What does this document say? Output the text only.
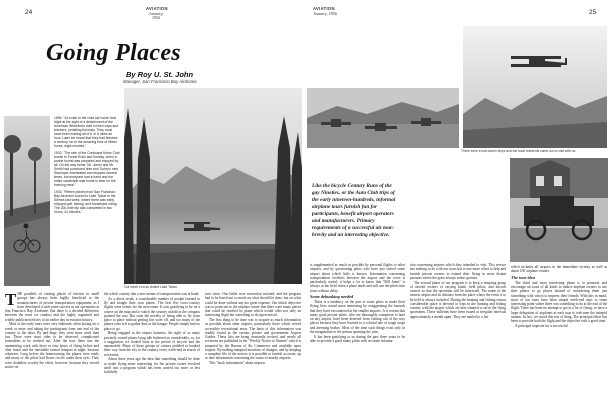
AVIATION
January, 1956
24
Going Places
By Roy U. St. John
Manager, San Francisco Bay Airdrome
1896. "At a rate to the road car horse took fright at the sight of a detachment of the American Wheelmen clad in linen caps and knickers, pedalling furiously. They must have been making all of 6 or 8 miles an hour. Later we heard that they had finished a century run in the amazing time of fifteen hours, eight minutes."
1903. "The rate of the Corsicana Motor Club tourist to Forest Rock last Sunday, when a prairie tourist was prepared and enjoyed by all. On the way home, Mr. Jones and Mr. Smith had punctured tires and Turley's new Stanhope overheated and stopped several times, but everyone had a hand and the entire cavalcade was home in time for the evening meal."
1933. "Fifteen planes from San Francisco Bay Airdrome toured to Lake Tahoe in the Sierras last week, where there was early enjoyed golf, fishing, and horseback riding. The 200-mile trip was completed in two hours, 24 minutes."
Our week end as visited Lake Tahoe.

THE parallels of visiting places of interest in small groups has always been highly beneficial to the manufacturers of private transportation equipment, as I have developed it with some success in our operations at San Francisco Bay Airdrome. But there is a decided difference between the tours we conduct and the highly organized and widely publicized efforts of an earlier day in aviation history.

Most of the early tours were very elaborate, often lasting for a week or more and taking the participants from one end of the country to the other. By and large, they were more work than fun. There were stunt rides to be observed, complicated formalities to be worked out. After the tour, there was the unremitting work with three or four hours of flying before and after lunch and the inevitable formal banquet at night, because whatever. Long before the homecoming the planes were ready and many of the pilots had flown circles under their eyes. They were doubtless worthy the effort, however, because they served notice on

the whole country that a new means of transportation was at hand.

As a direct result, a considerable number of people learned to fly and bought their own planes. The first few cross-country flights were events for the newcomer. It was gratifying to be on a course on the map and to watch the country unfold as the compass pointed the way. But soon the novelty of being able to fly from place to place without getting lost wore off, and too many of the planes were left to gather dust in the hangar. People simply had no place to go.

Being engaged in the airport business, the sight of so many privately owned planes lying idle bothered us considerably, so, for a suggestion, we looked back at the period of bicycle and the automobile. Many of these groups of owners pedaled or honked their way from the city to the country every week-end in search of recreation.

About three years ago the idea that something should be done to make flying more interesting for the private owner resolved itself into a program which has been carried out more or less faithfully

ever since. Our fields were somewhat isolated, and the program had to be based not so much on what should be done, but on what could be done without any too great expense. Our initial objective was to point out to the airplane owner that there were many places that could be reached by plane which would offer not only an interesting flight but something to do upon arrival.

The first thing to be done was to acquire as much information as possible about other airports, particularly those which served accessible recreational areas. The basis of this information was readily found in the various private and government Airport Guides. These lists are being constantly revised, and nearly all revisions are published in the "Weekly Notice to Airmen" which is prepared by the Bureau of Air Commerce and available upon request. By making marginal notations of changes, and by keeping a complete file of the notices it is possible to furnish accurate, up to date information concerning the status of nearby airports.

This "book information" about airports

AVIATION
January, 1956	25
There were a half-dozen ships and the local residents came out to visit with us.
Like the bicycle Century Runs of the gay Nineties, or the Auto Club trips of the early nineteen-hundreds, informal airplane tours furnish fun for participants, benefit airport operators and manufacturers. Primary requirements of a successful air tour: brevity and an interesting objective.

is supplemented as much as possible by personal flights to other airports, and by questioning pilots who have just visited some airport about which little is known. Information concerning transportation facilities between the airport and the town is particularly useful; it helps a lot to know that "Bill Jones" is always at the field when a plane lands and will run the pilots into town without delay.

Some debunking needed

There is a tendency on the part of some pilots to make their flying lives sound more interesting by exaggerating the hazards that they have encountered at the smaller airports. It is certain that many good private pilots, who are thoroughly competent to land on any airport, have been deterred from visiting out of the way places because they have listened to a colorful tale of rough strips and arresting brakes. Most of the time such things exist only in the imagination of the person spinning the yarn.

It has been gratifying to us during the past three years to be able to provide a good many pilots with accurate informa-

tion concerning airports which they intended to visit. This service has nothing to do with our tours but is one more effort to help and furnish private owners to extend their flying to more distant pastures where the grass always seems greener.

The second phase of our program is to keep a tempting group of aircraft owners of varying kinds, field pilots, and aircraft owners so that the operation will be interested. The name of the nearest airport and its distance from the place where the event is to be held is always included. During the hunting and fishing season considerable space is devoted to trips in the hunting and fishing country with the airport which are best situated to serve the flying sportsmen. These bulletins have been issued at irregular intervals approximately a month apart. They are mailed to a list

which includes all airports in the immediate vicinity as well as about 100 airplane owners.

The tour idea

The third and most interesting phase is to promote and encourage air tours of all kinds to induce airplane owners to use their planes to go places instead of considering them just something with which to impress their friends. With this in mind, most of our tours have been simple week-end trips to some interesting point where there was something to do at the end of the flight. There has been no attempt to get in a lot of flying, or have a large delegation of airplanes at each stop to welcome the intrepid airmen. In fact, we avoid this sort of thing. The principal effort has been to provide both the flight and the objective with a good time.

A principal requisite for a successful
